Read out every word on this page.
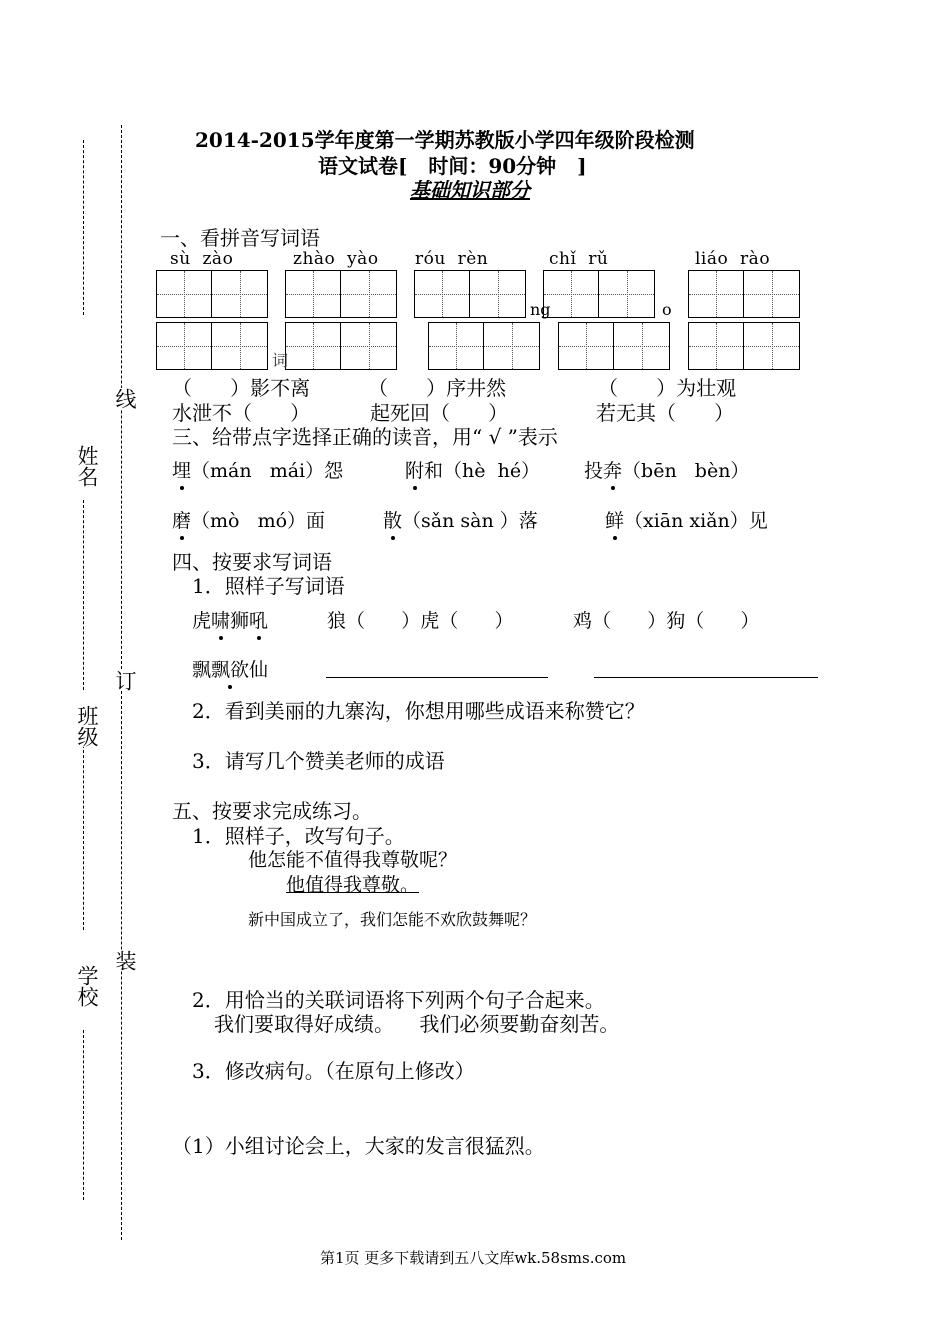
姓名
班级
学校
线
订
装
2014-2015学年度第一学期苏教版小学四年级阶段检测
语文试卷[   时间：90分钟   ]
基础知识部分
一、看拼音写词语
sù  zào	zhào  yào róu  rèn	chǐ  rǔ	liáo  rào
ng	o
词
（      ）影不离	（      ）序井然	（      ）为壮观
水泄不（      ）	起死回（      ）	若无其（      ）
三、给带点字选择正确的读音，用“ √ ”表示
埋（mán   mái）怨	附和（hè  hé） 投奔（bēn   bèn）
磨（mò   mó）面	散（sǎn sàn ）落	鲜（xiān xiǎn）见
四、按要求写词语
1．照样子写词语
虎啸狮吼	狼（      ）虎（      ）	鸡（      ）狗（      ）
飘飘欲仙
2．看到美丽的九寨沟，你想用哪些成语来称赞它？
3．请写几个赞美老师的成语
五、按要求完成练习。
1．照样子，改写句子。
他怎能不值得我尊敬呢？
他值得我尊敬。
新中国成立了，我们怎能不欢欣鼓舞呢？
2．用恰当的关联词语将下列两个句子合起来。
我们要取得好成绩。    我们必须要勤奋刻苦。
3．修改病句。（在原句上修改）
（1）小组讨论会上，大家的发言很猛烈。
第1页 更多下载请到五八文库wk.58sms.com
